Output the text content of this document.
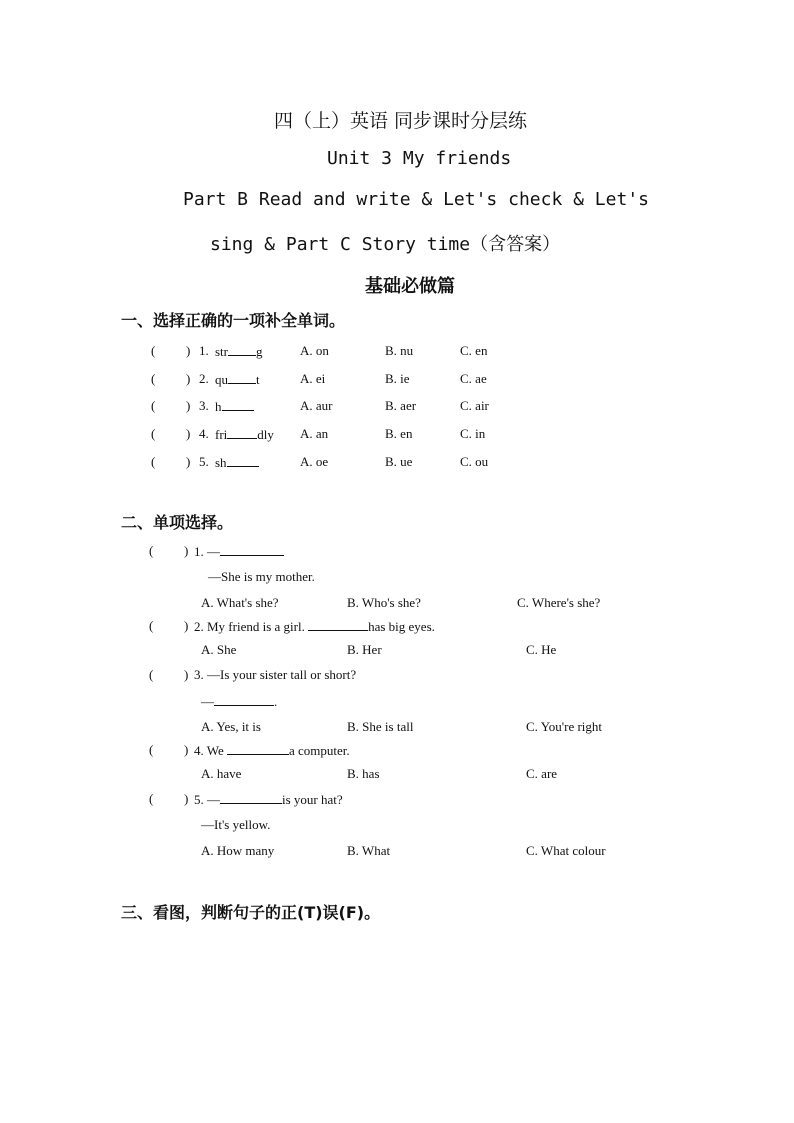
四（上）英语 同步课时分层练
Unit 3 My friends
Part B Read and write & Let's check & Let's
sing & Part C Story time（含答案）
基础必做篇
一、选择正确的一项补全单词。
( ) 1. str g	A. on	B. nu	C. en
( ) 2. qu t	A. ei	B. ie	C. ae
( ) 3. h	A. aur	B. aer	C. air
( ) 4. fri dly A. an	B. en	C. in
( ) 5. sh	A. oe	B. ue	C. ou
二、单项选择。
( ) 1. —
—She is my mother.
A. What's she?	B. Who's she?	C. Where's she?
( ) 2. My friend is a girl.	has big eyes.
A. She	B. Her	C. He
( ) 3. —Is your sister tall or short?
—	.
A. Yes, it is	B. She is tall	C. You're right
( ) 4. We	a computer.
A. have	B. has	C. are
( ) 5. —	is your hat?
—It's yellow.
A. How many	B. What	C. What colour
三、看图，判断句子的正(T)误(F)。
